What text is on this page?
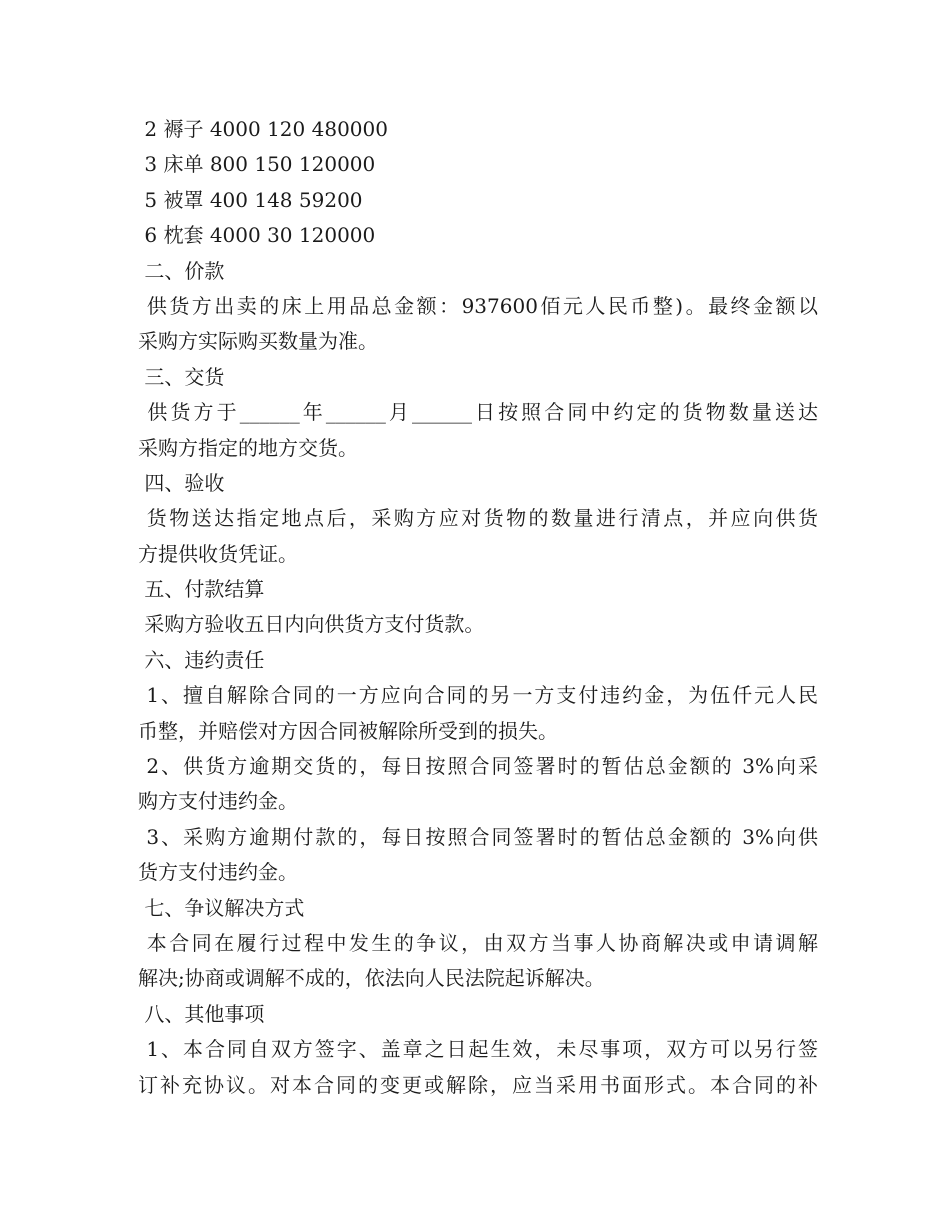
2 褥子 4000 120 480000
3 床单 800 150 120000
5 被罩 400 148 59200
6 枕套 4000 30 120000
二、价款
供货方出卖的床上用品总金额：937600佰元人民币整)。最终金额以
采购方实际购买数量为准。
三、交货
供货方于______年______月______日按照合同中约定的货物数量送达
采购方指定的地方交货。
四、验收
货物送达指定地点后，采购方应对货物的数量进行清点，并应向供货
方提供收货凭证。
五、付款结算
采购方验收五日内向供货方支付货款。
六、违约责任
1、擅自解除合同的一方应向合同的另一方支付违约金，为伍仟元人民
币整，并赔偿对方因合同被解除所受到的损失。
2、供货方逾期交货的，每日按照合同签署时的暂估总金额的 3%向采
购方支付违约金。
3、采购方逾期付款的，每日按照合同签署时的暂估总金额的 3%向供
货方支付违约金。
七、争议解决方式
本合同在履行过程中发生的争议，由双方当事人协商解决或申请调解
解决;协商或调解不成的，依法向人民法院起诉解决。
八、其他事项
1、本合同自双方签字、盖章之日起生效，未尽事项，双方可以另行签
订补充协议。对本合同的变更或解除，应当采用书面形式。本合同的补
